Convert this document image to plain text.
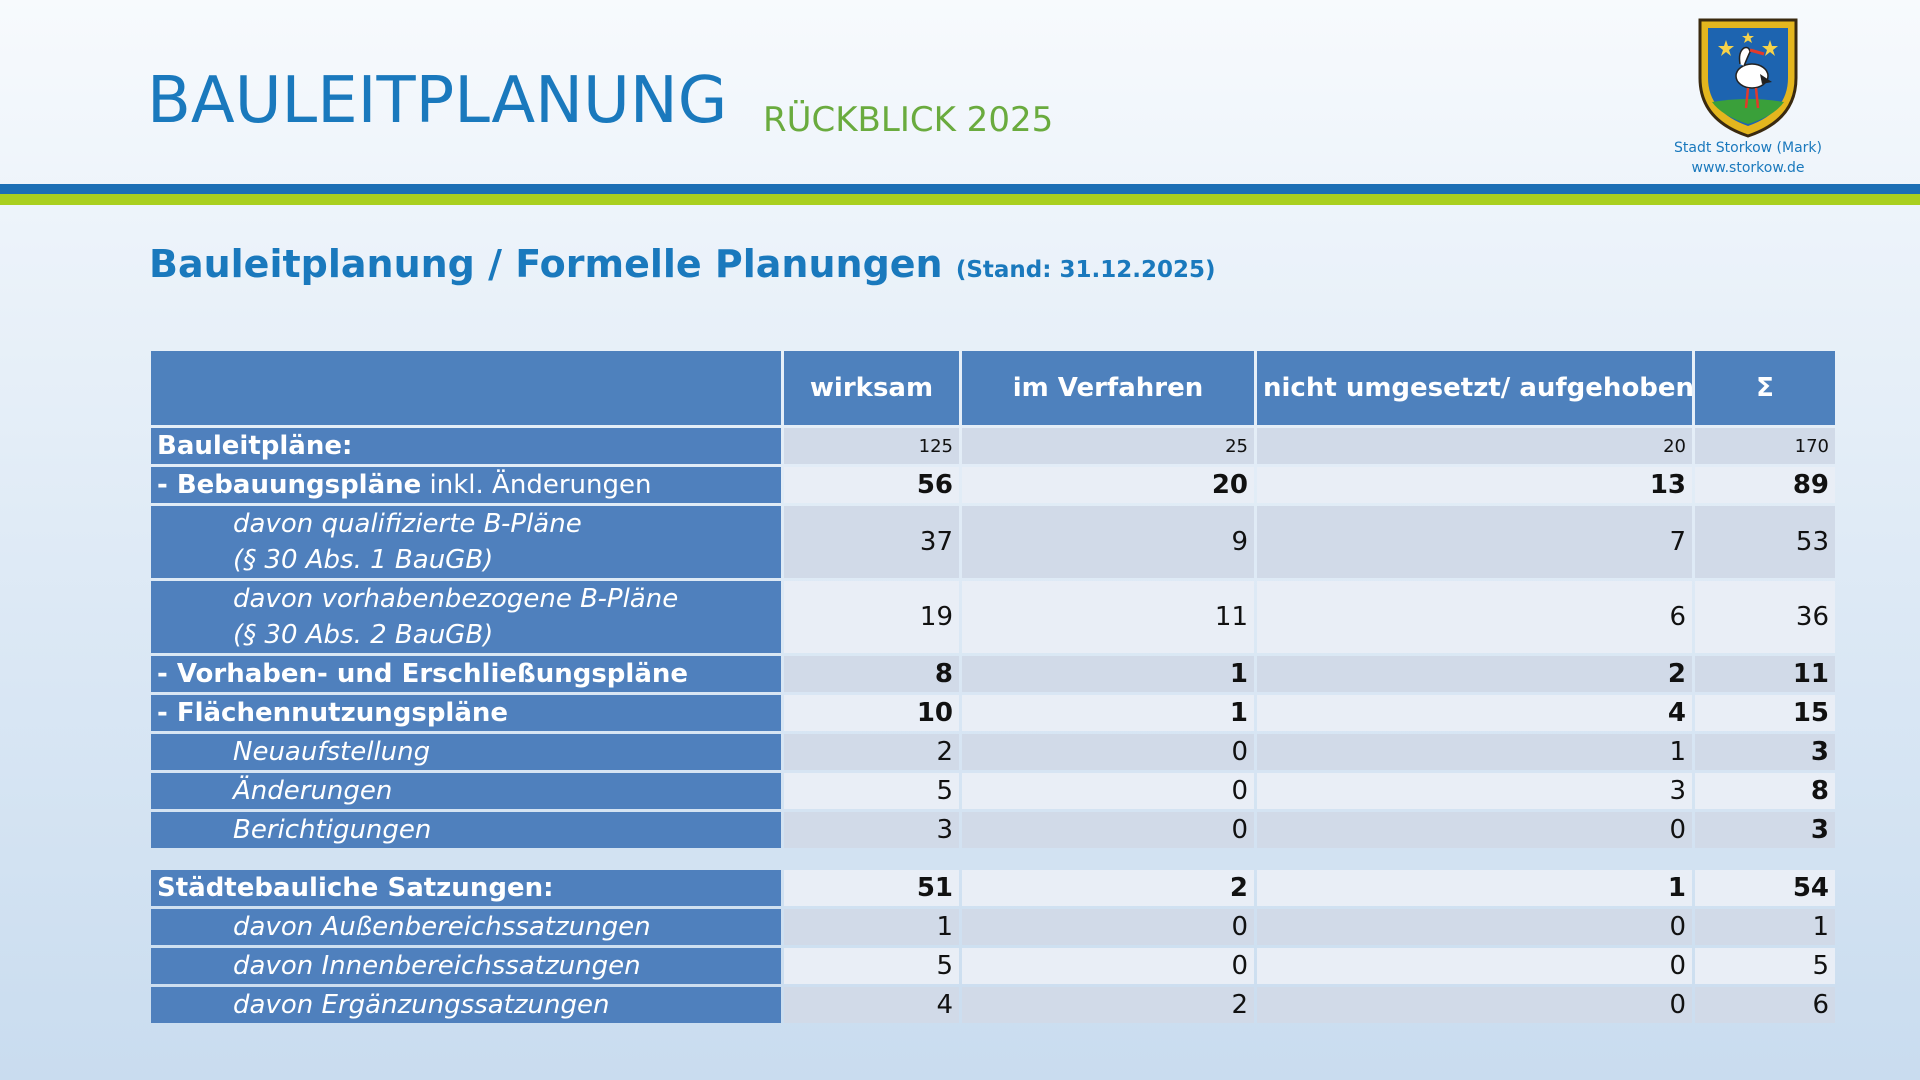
BAULEITPLANUNG RÜCKBLICK 2025
Stadt Storkow (Mark)
www.storkow.de
Bauleitplanung / Formelle Planungen (Stand: 31.12.2025)
	wirksam	im Verfahren	nicht umgesetzt/ aufgehoben	Σ
Bauleitpläne:	125	25	20	170
- Bebauungspläne inkl. Änderungen	56	20	13	89

davon qualifizierte B-Pläne
(§ 30 Abs. 1 BauGB)	37	9	7	53

davon vorhabenbezogene B-Pläne
(§ 30 Abs. 2 BauGB)	19	11	6	36
- Vorhaben- und Erschließungspläne	8	1	2	11
- Flächennutzungspläne	10	1	4	15
Neuaufstellung	2	0	1	3
Änderungen	5	0	3	8
Berichtigungen	3	0	0	3

Städtebauliche Satzungen:	51	2	1	54
davon Außenbereichssatzungen	1	0	0	1
davon Innenbereichssatzungen	5	0	0	5
davon Ergänzungssatzungen	4	2	0	6
